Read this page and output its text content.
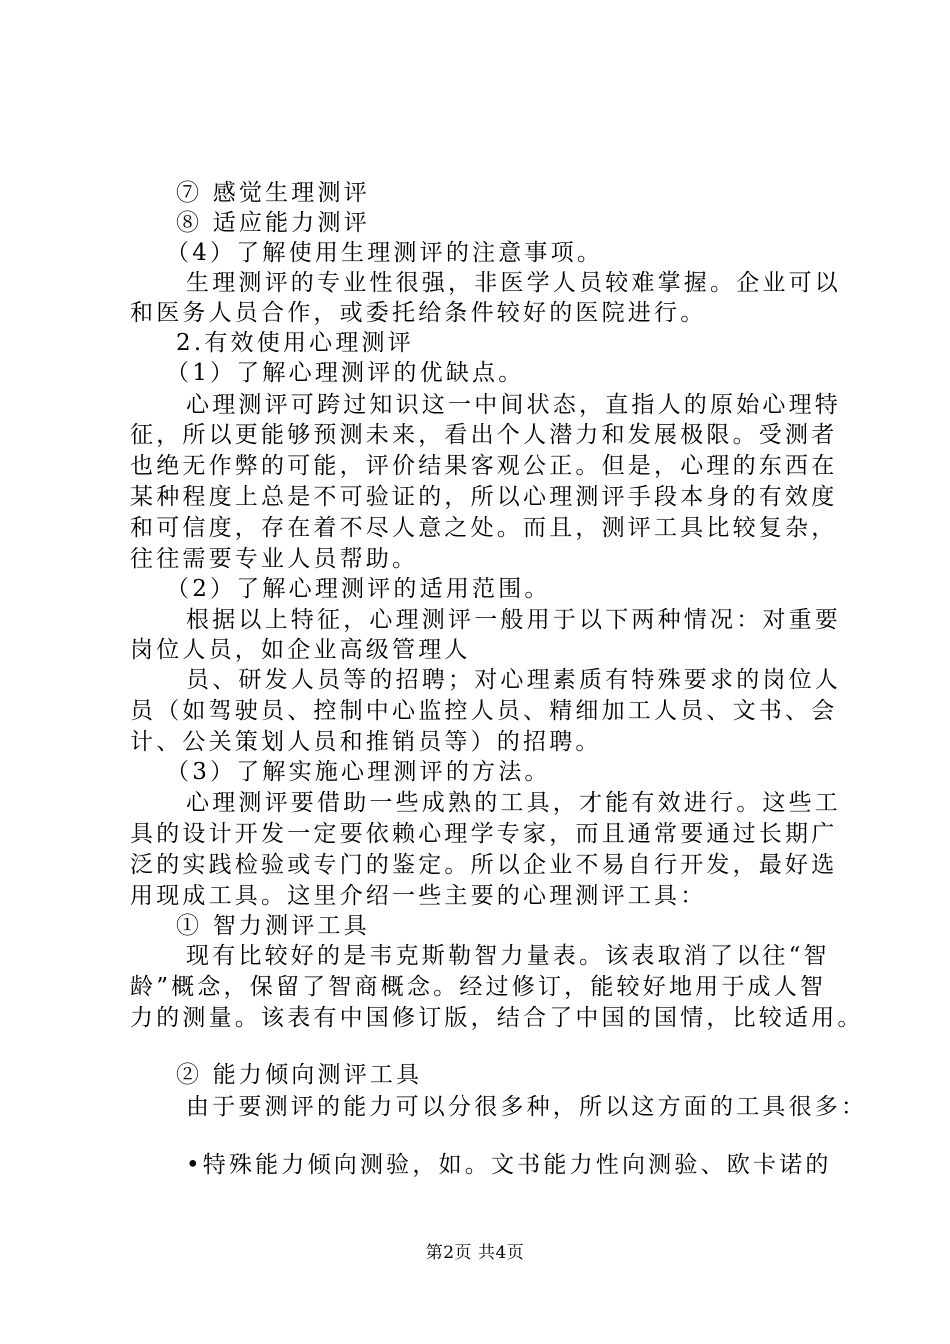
⑦ 感觉生理测评
⑧ 适应能力测评
（4）了解使用生理测评的注意事项。
生理测评的专业性很强，非医学人员较难掌握。企业可以
和医务人员合作，或委托给条件较好的医院进行。
2.有效使用心理测评
（1）了解心理测评的优缺点。
心理测评可跨过知识这一中间状态，直指人的原始心理特
征，所以更能够预测未来，看出个人潜力和发展极限。受测者
也绝无作弊的可能，评价结果客观公正。但是，心理的东西在
某种程度上总是不可验证的，所以心理测评手段本身的有效度
和可信度，存在着不尽人意之处。而且，测评工具比较复杂，
往往需要专业人员帮助。
（2）了解心理测评的适用范围。
根据以上特征，心理测评一般用于以下两种情况：对重要
岗位人员，如企业高级管理人
员、研发人员等的招聘；对心理素质有特殊要求的岗位人
员（如驾驶员、控制中心监控人员、精细加工人员、文书、会
计、公关策划人员和推销员等）的招聘。
（3）了解实施心理测评的方法。
心理测评要借助一些成熟的工具，才能有效进行。这些工
具的设计开发一定要依赖心理学专家，而且通常要通过长期广
泛的实践检验或专门的鉴定。所以企业不易自行开发，最好选
用现成工具。这里介绍一些主要的心理测评工具：
① 智力测评工具
现有比较好的是韦克斯勒智力量表。该表取消了以往“智
龄”概念，保留了智商概念。经过修订，能较好地用于成人智
力的测量。该表有中国修订版，结合了中国的国情，比较适用。
② 能力倾向测评工具
由于要测评的能力可以分很多种，所以这方面的工具很多：
•特殊能力倾向测验，如。文书能力性向测验、欧卡诺的
第2页 共4页
